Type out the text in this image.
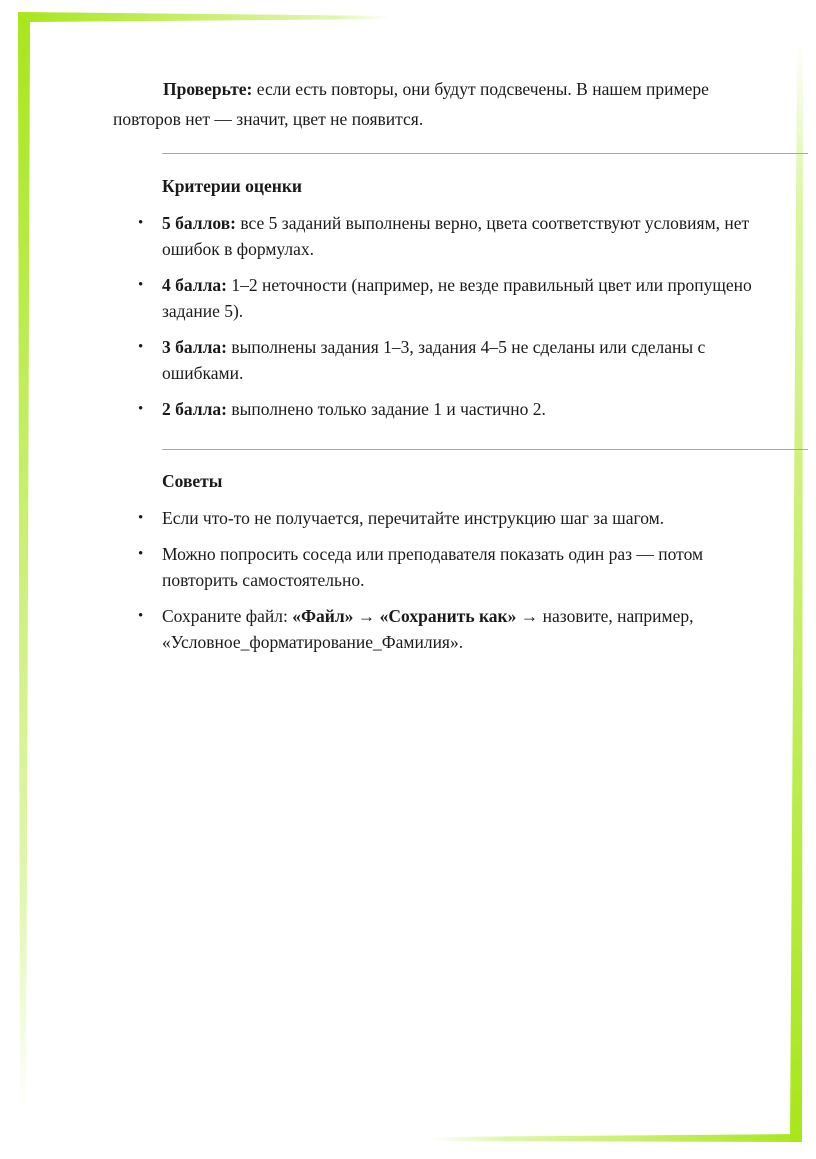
Проверьте: если есть повторы, они будут подсвечены. В нашем примере повторов нет — значит, цвет не появится.

Критерии оценки

• 5 баллов: все 5 заданий выполнены верно, цвета соответствуют условиям, нет ошибок в формулах.
• 4 балла: 1–2 неточности (например, не везде правильный цвет или пропущено задание 5).
• 3 балла: выполнены задания 1–3, задания 4–5 не сделаны или сделаны с ошибками.
• 2 балла: выполнено только задание 1 и частично 2.

Советы

• Если что-то не получается, перечитайте инструкцию шаг за шагом.
• Можно попросить соседа или преподавателя показать один раз — потом повторить самостоятельно.
• Сохраните файл: «Файл» → «Сохранить как» → назовите, например, «Условное_форматирование_Фамилия».
